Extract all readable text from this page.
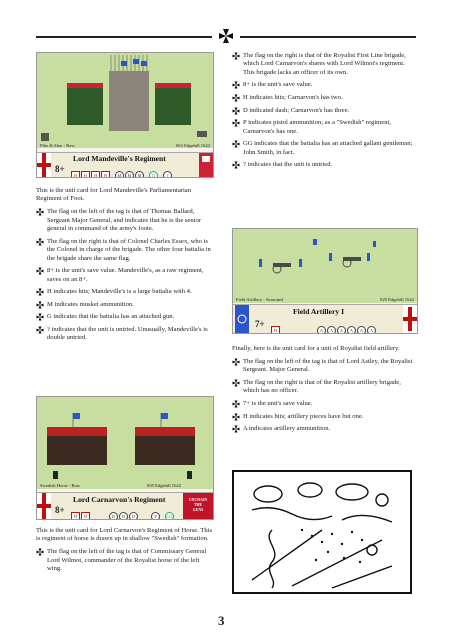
Pike & Shot - Raw	063 Edgehill 1642
Lord Mandeville's Regiment
8+
H H H H	M M M	G	?

This is the unit card for Lord Mandeville's Parliamentarian Regiment of Foot.

The flag on the left of the tag is that of Thomas Ballard, Sergeant Major General, and indicates that he is the senior general in command of the army's foote.
The flag on the right is that of Colonel Charles Essex, who is the Colonel in charge of the brigade. The other four battalia in the brigade share the same flag.
8+ is the unit's save value. Mandeville's, as a raw regiment, saves on an 8+.
H indicates hits; Mandeville's is a large battalia with 4.
M indicates musket ammunition.
G indicates that the battalia has an attached gun.
? indicates that the unit is untried. Unusually, Mandeville's is double untried.
Swedish Horse - Raw	005 Edgehill 1642
Lord Carnarvon's Regiment
8+
H H	D D D	P GG
UNCHAIN
THE
GUNS

This is the unit card for Lord Carnarvon's Regiment of Horse. This is regiment of horse is drawn up in shallow "Swedish" formation.

The flag on the left of the tag is that of Commissary General Lord Wilmot, commander of the Royalist horse of the left wing.
The flag on the right is that of the Royalist First Line brigade, which Lord Carnarvon's shares with Lord Wilmot's regiment. This brigade lacks an officer of its own.
8+ is the unit's save value.
H indicates hits; Carnarvon's has two.
D indicated dash; Carnarvon's has three.
P indicates pistol ammunition; as a "Swedish" regiment, Carnarvon's has one.
GG indicates that the battalia has an attached gallant gentleman; John Smith, in fact.
? indicates that the unit is untried.
Field Artillery - Seasoned	029 Edgehill 1642
Field Artillery I
7+
H	A A A A A A

Finally, here is the unit card for a unit of Royalist field artillery.

The flag on the left of the tag is that of Lord Astley, the Royalist Sergeant. Major General.
The flag on the right is that of the Royalist artillery brigade, which has no officer.
7+ is the unit's save value.
H indicates hits; artillery pieces have but one.
A indicates artillery ammunition.
3
